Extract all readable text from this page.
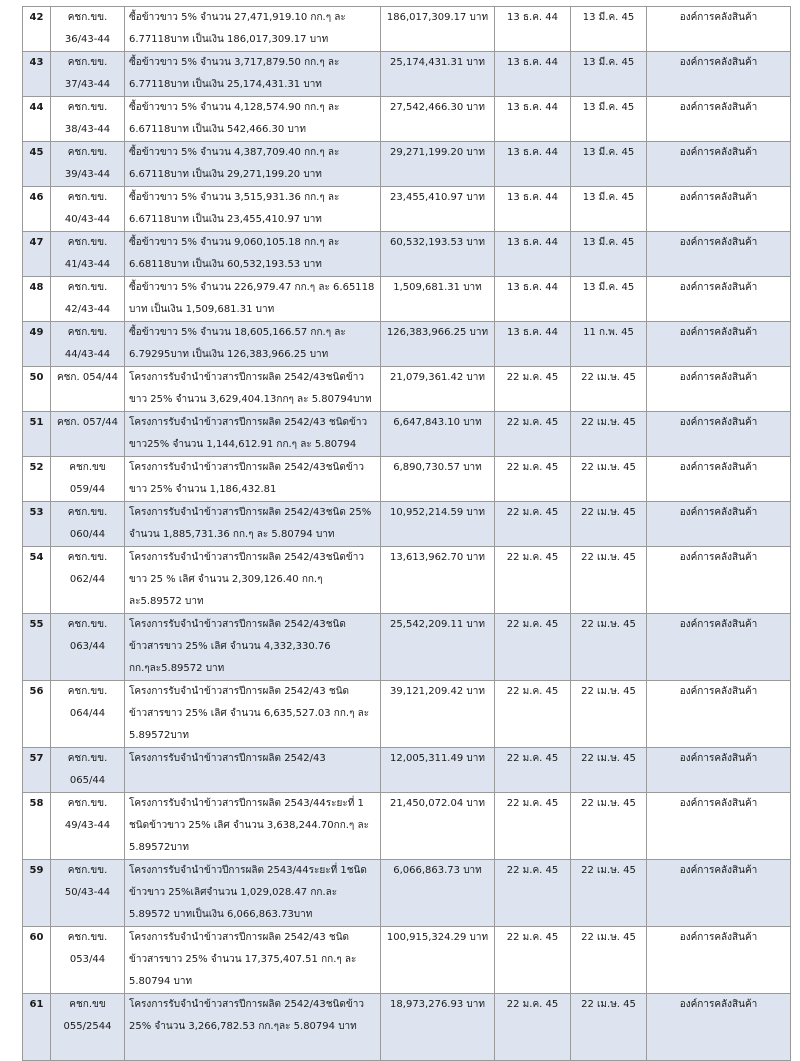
42	คชก.ขข. 36/43-44	ซื้อข้าวขาว 5% จำนวน 27,471,919.10 กก.ๆ ละ 6.77118บาท เป็นเงิน 186,017,309.17 บาท	186,017,309.17 บาท	13 ธ.ค. 44	13 มี.ค. 45	องค์การคลังสินค้า
43	คชก.ขข. 37/43-44	ซื้อข้าวขาว 5% จำนวน 3,717,879.50 กก.ๆ ละ 6.77118บาท เป็นเงิน 25,174,431.31 บาท	25,174,431.31 บาท	13 ธ.ค. 44	13 มี.ค. 45	องค์การคลังสินค้า
44	คชก.ขข. 38/43-44	ซื้อข้าวขาว 5% จำนวน 4,128,574.90 กก.ๆ ละ 6.67118บาท เป็นเงิน 542,466.30 บาท	27,542,466.30 บาท	13 ธ.ค. 44	13 มี.ค. 45	องค์การคลังสินค้า
45	คชก.ขข. 39/43-44	ซื้อข้าวขาว 5% จำนวน 4,387,709.40 กก.ๆ ละ 6.67118บาท เป็นเงิน 29,271,199.20 บาท	29,271,199.20 บาท	13 ธ.ค. 44	13 มี.ค. 45	องค์การคลังสินค้า
46	คชก.ขข. 40/43-44	ซื้อข้าวขาว 5% จำนวน 3,515,931.36 กก.ๆ ละ 6.67118บาท เป็นเงิน 23,455,410.97 บาท	23,455,410.97 บาท	13 ธ.ค. 44	13 มี.ค. 45	องค์การคลังสินค้า
47	คชก.ขข. 41/43-44	ซื้อข้าวขาว 5% จำนวน 9,060,105.18 กก.ๆ ละ 6.68118บาท เป็นเงิน 60,532,193.53 บาท	60,532,193.53 บาท	13 ธ.ค. 44	13 มี.ค. 45	องค์การคลังสินค้า
48	คชก.ขข. 42/43-44	ซื้อข้าวขาว 5% จำนวน 226,979.47 กก.ๆ ละ 6.65118 บาท เป็นเงิน 1,509,681.31 บาท	1,509,681.31 บาท	13 ธ.ค. 44	13 มี.ค. 45	องค์การคลังสินค้า
49	คชก.ขข. 44/43-44	ซื้อข้าวขาว 5% จำนวน 18,605,166.57 กก.ๆ ละ 6.79295บาท เป็นเงิน 126,383,966.25 บาท	126,383,966.25 บาท	13 ธ.ค. 44	11 ก.พ. 45	องค์การคลังสินค้า
50	คชก. 054/44	โครงการรับจำนำข้าวสารปีการผลิต 2542/43ชนิดข้าวขาว 25% จำนวน 3,629,404.13กกๆ ละ 5.80794บาท	21,079,361.42 บาท	22 ม.ค. 45	22 เม.ษ. 45	องค์การคลังสินค้า
51	คชก. 057/44	โครงการรับจำนำข้าวสารปีการผลิต 2542/43 ชนิดข้าวขาว25% จำนวน 1,144,612.91 กก.ๆ ละ 5.80794	6,647,843.10 บาท	22 ม.ค. 45	22 เม.ษ. 45	องค์การคลังสินค้า
52	คชก.ขข 059/44	โครงการรับจำนำข้าวสารปีการผลิต 2542/43ชนิดข้าวขาว 25% จำนวน 1,186,432.81	6,890,730.57 บาท	22 ม.ค. 45	22 เม.ษ. 45	องค์การคลังสินค้า
53	คชก.ขข. 060/44	โครงการรับจำนำข้าวสารปีการผลิต 2542/43ชนิด 25% จำนวน 1,885,731.36 กก.ๆ ละ 5.80794 บาท	10,952,214.59 บาท	22 ม.ค. 45	22 เม.ษ. 45	องค์การคลังสินค้า
54	คชก.ขข. 062/44	โครงการรับจำนำข้าวสารปีการผลิต 2542/43ชนิดข้าวขาว 25 % เลิศ จำนวน 2,309,126.40 กก.ๆ ละ5.89572 บาท	13,613,962.70 บาท	22 ม.ค. 45	22 เม.ษ. 45	องค์การคลังสินค้า
55	คชก.ขข. 063/44	โครงการรับจำนำข้าวสารปีการผลิต 2542/43ชนิดข้าวสารขาว 25% เลิศ จำนวน 4,332,330.76 กก.ๆละ5.89572 บาท	25,542,209.11 บาท	22 ม.ค. 45	22 เม.ษ. 45	องค์การคลังสินค้า
56	คชก.ขข. 064/44	โครงการรับจำนำข้าวสารปีการผลิต 2542/43 ชนิด ข้าวสารขาว 25% เลิศ จำนวน 6,635,527.03 กก.ๆ ละ 5.89572บาท	39,121,209.42 บาท	22 ม.ค. 45	22 เม.ษ. 45	องค์การคลังสินค้า
57	คชก.ขข. 065/44	โครงการรับจำนำข้าวสารปีการผลิต 2542/43	12,005,311.49 บาท	22 ม.ค. 45	22 เม.ษ. 45	องค์การคลังสินค้า
58	คชก.ขข. 49/43-44	โครงการรับจำนำข้าวสารปีการผลิต 2543/44ระยะที่ 1 ชนิดข้าวขาว 25% เลิศ จำนวน 3,638,244.70กก.ๆ ละ 5.89572บาท	21,450,072.04 บาท	22 ม.ค. 45	22 เม.ษ. 45	องค์การคลังสินค้า
59	คชก.ขข. 50/43-44	โครงการรับจำนำข้าวปีการผลิต 2543/44ระยะที่ 1ชนิด ข้าวขาว 25%เลิศจำนวน 1,029,028.47 กก.ละ 5.89572 บาทเป็นเงิน 6,066,863.73บาท	6,066,863.73 บาท	22 ม.ค. 45	22 เม.ษ. 45	องค์การคลังสินค้า
60	คชก.ขข. 053/44	โครงการรับจำนำข้าวสารปีการผลิต 2542/43 ชนิด ข้าวสารขาว 25% จำนวน 17,375,407.51 กก.ๆ ละ 5.80794 บาท	100,915,324.29 บาท	22 ม.ค. 45	22 เม.ษ. 45	องค์การคลังสินค้า
61	คชก.ขข 055/2544	โครงการรับจำนำข้าวสารปีการผลิต 2542/43ชนิดข้าว 25% จำนวน 3,266,782.53 กก.ๆละ 5.80794 บาท	18,973,276.93 บาท	22 ม.ค. 45	22 เม.ษ. 45	องค์การคลังสินค้า
